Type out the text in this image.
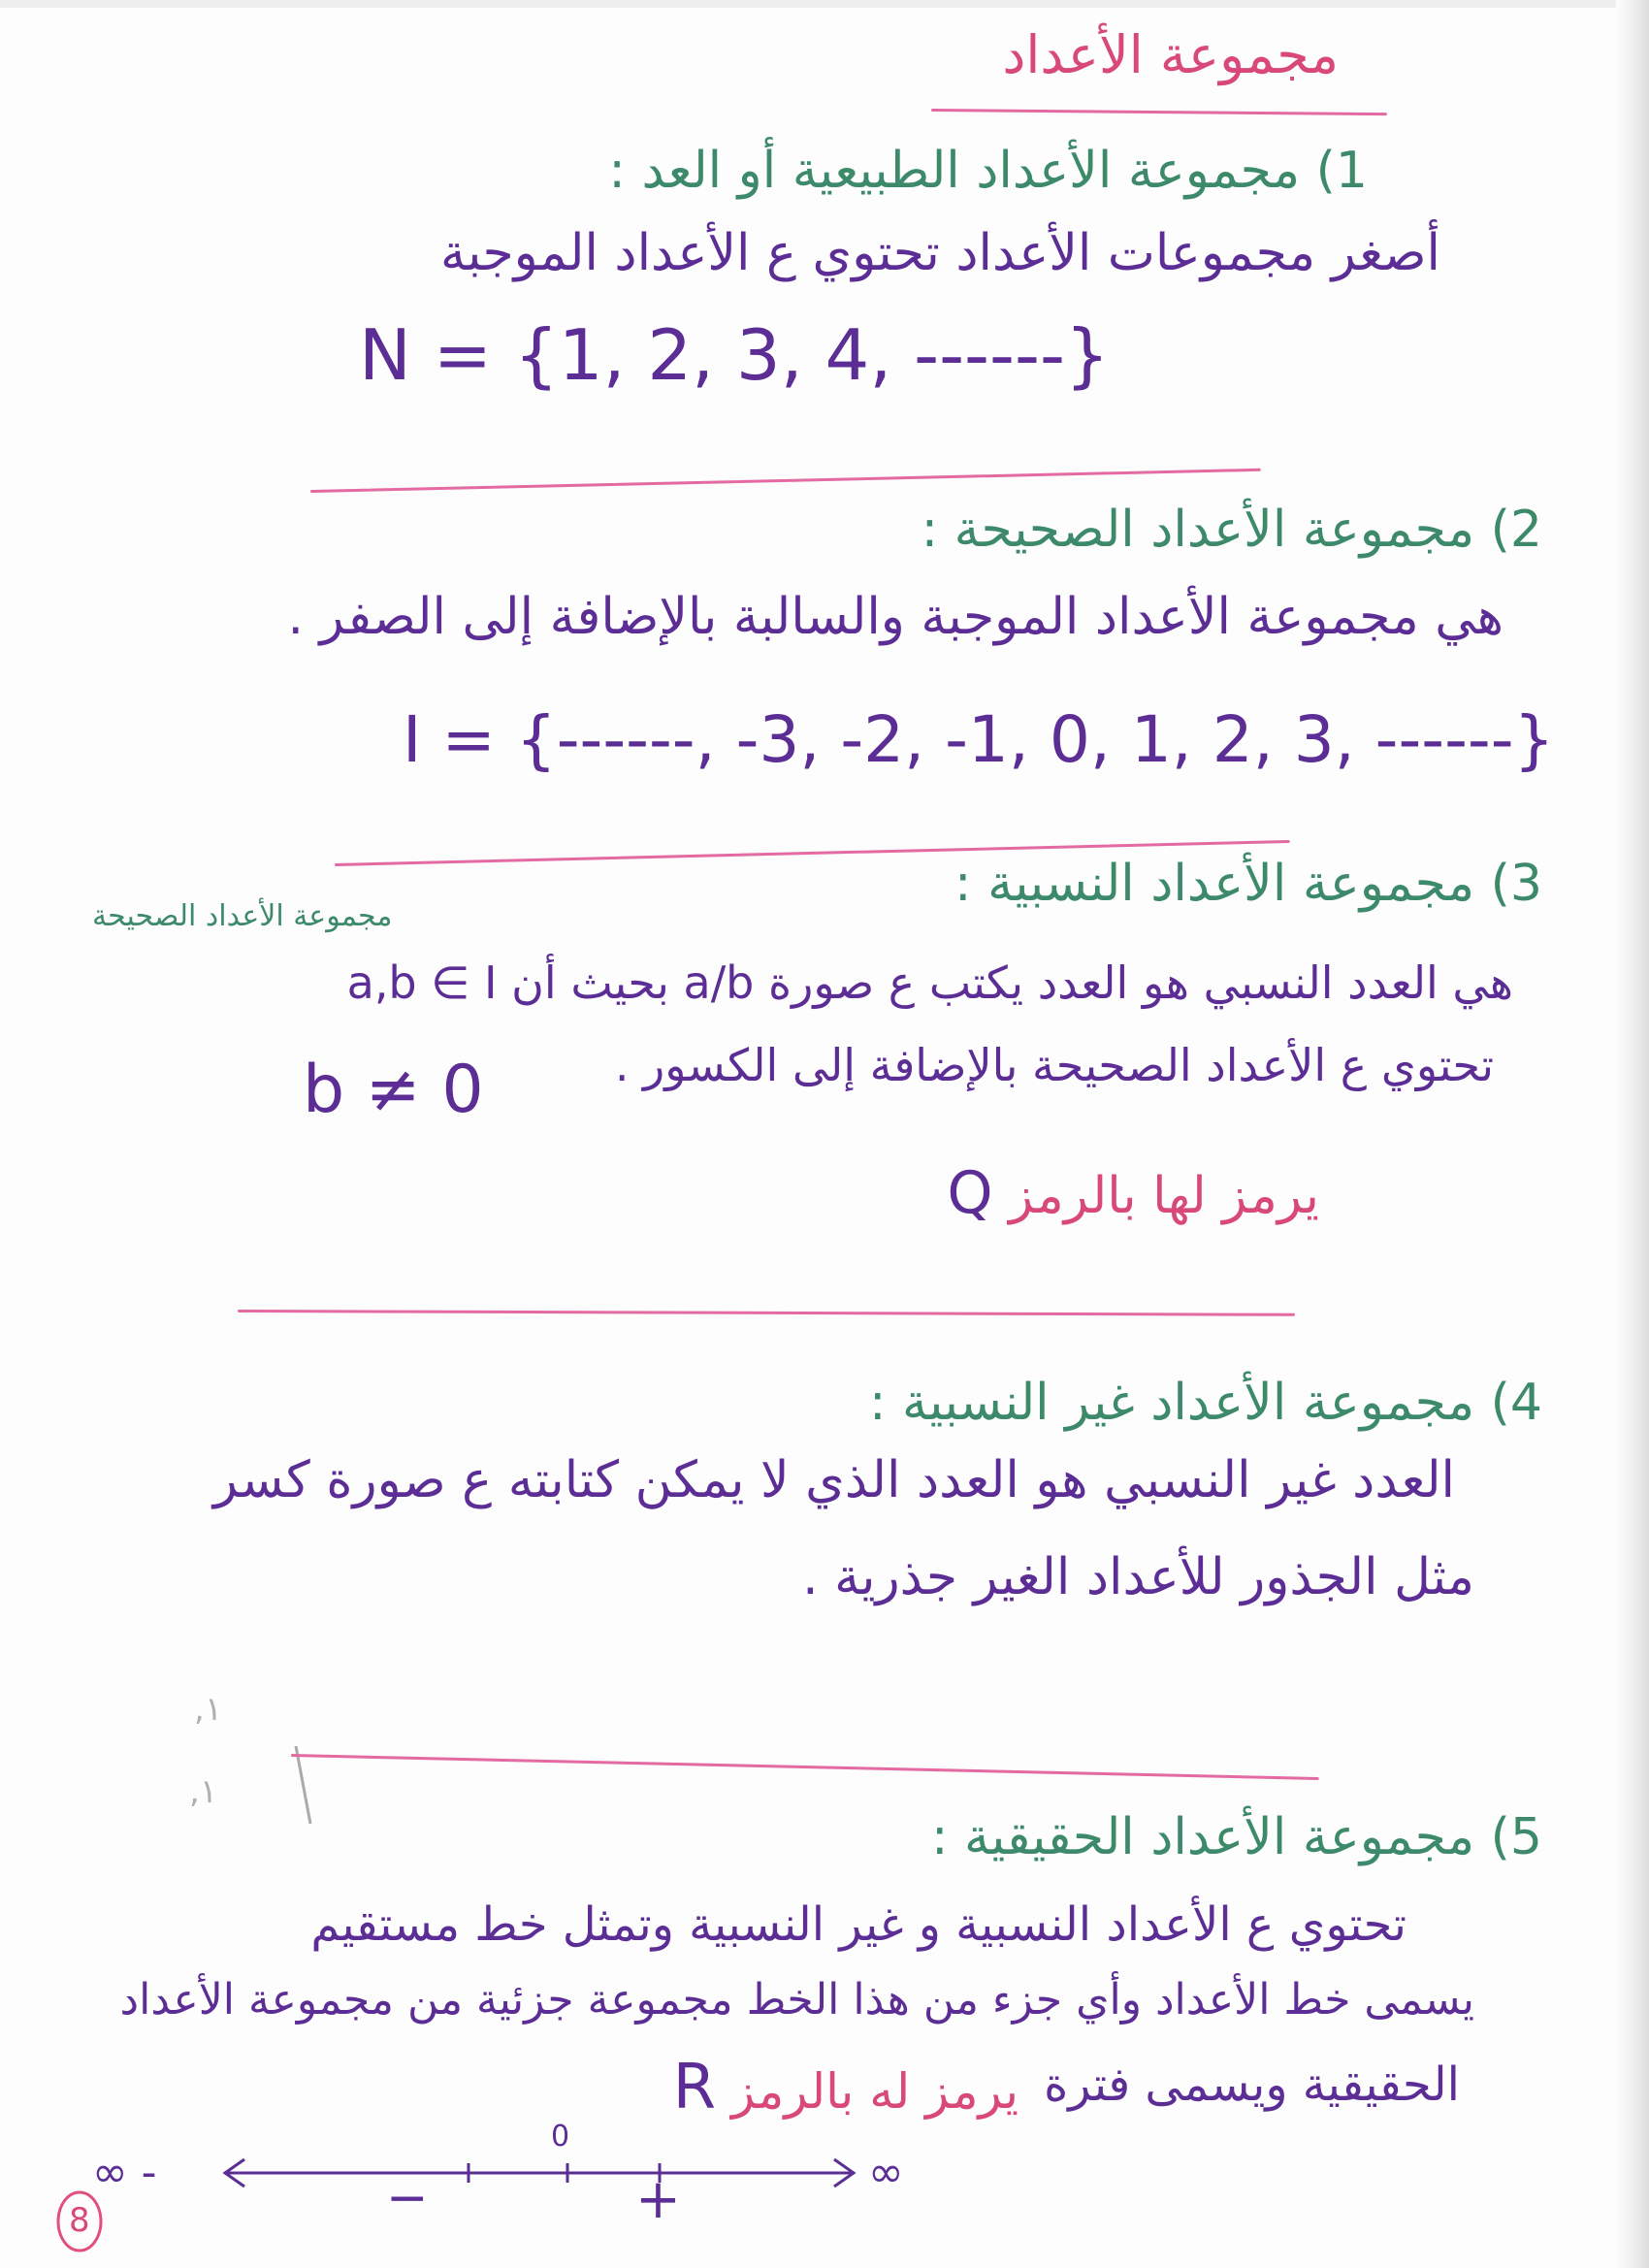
مجموعة الأعداد
1) مجموعة الأعداد الطبيعية أو العد :
أصغر مجموعات الأعداد تحتوي ع الأعداد الموجبة
N = {1, 2, 3, 4, ------}
2) مجموعة الأعداد الصحيحة :
هي مجموعة الأعداد الموجبة والسالبة بالإضافة إلى الصفر .
I = {------, -3, -2, -1, 0, 1, 2, 3, ------}
مجموعة الأعداد الصحيحة
3) مجموعة الأعداد النسبية :
هي العدد النسبي هو العدد يكتب ع صورة a/b بحيث أن a,b ∈ I
تحتوي ع الأعداد الصحيحة بالإضافة إلى الكسور .
b ≠ 0
يرمز لها بالرمز Q
4) مجموعة الأعداد غير النسبية :
العدد غير النسبي هو العدد الذي لا يمكن كتابته ع صورة كسر
مثل الجذور للأعداد الغير جذرية .
١,
١,
5) مجموعة الأعداد الحقيقية :
تحتوي ع الأعداد النسبية و غير النسبية وتمثل خط مستقيم
يسمى خط الأعداد وأي جزء من هذا الخط مجموعة جزئية من مجموعة الأعداد
الحقيقية ويسمى فترة
يرمز له بالرمز R
∞ -	∞
0
−	+
8
